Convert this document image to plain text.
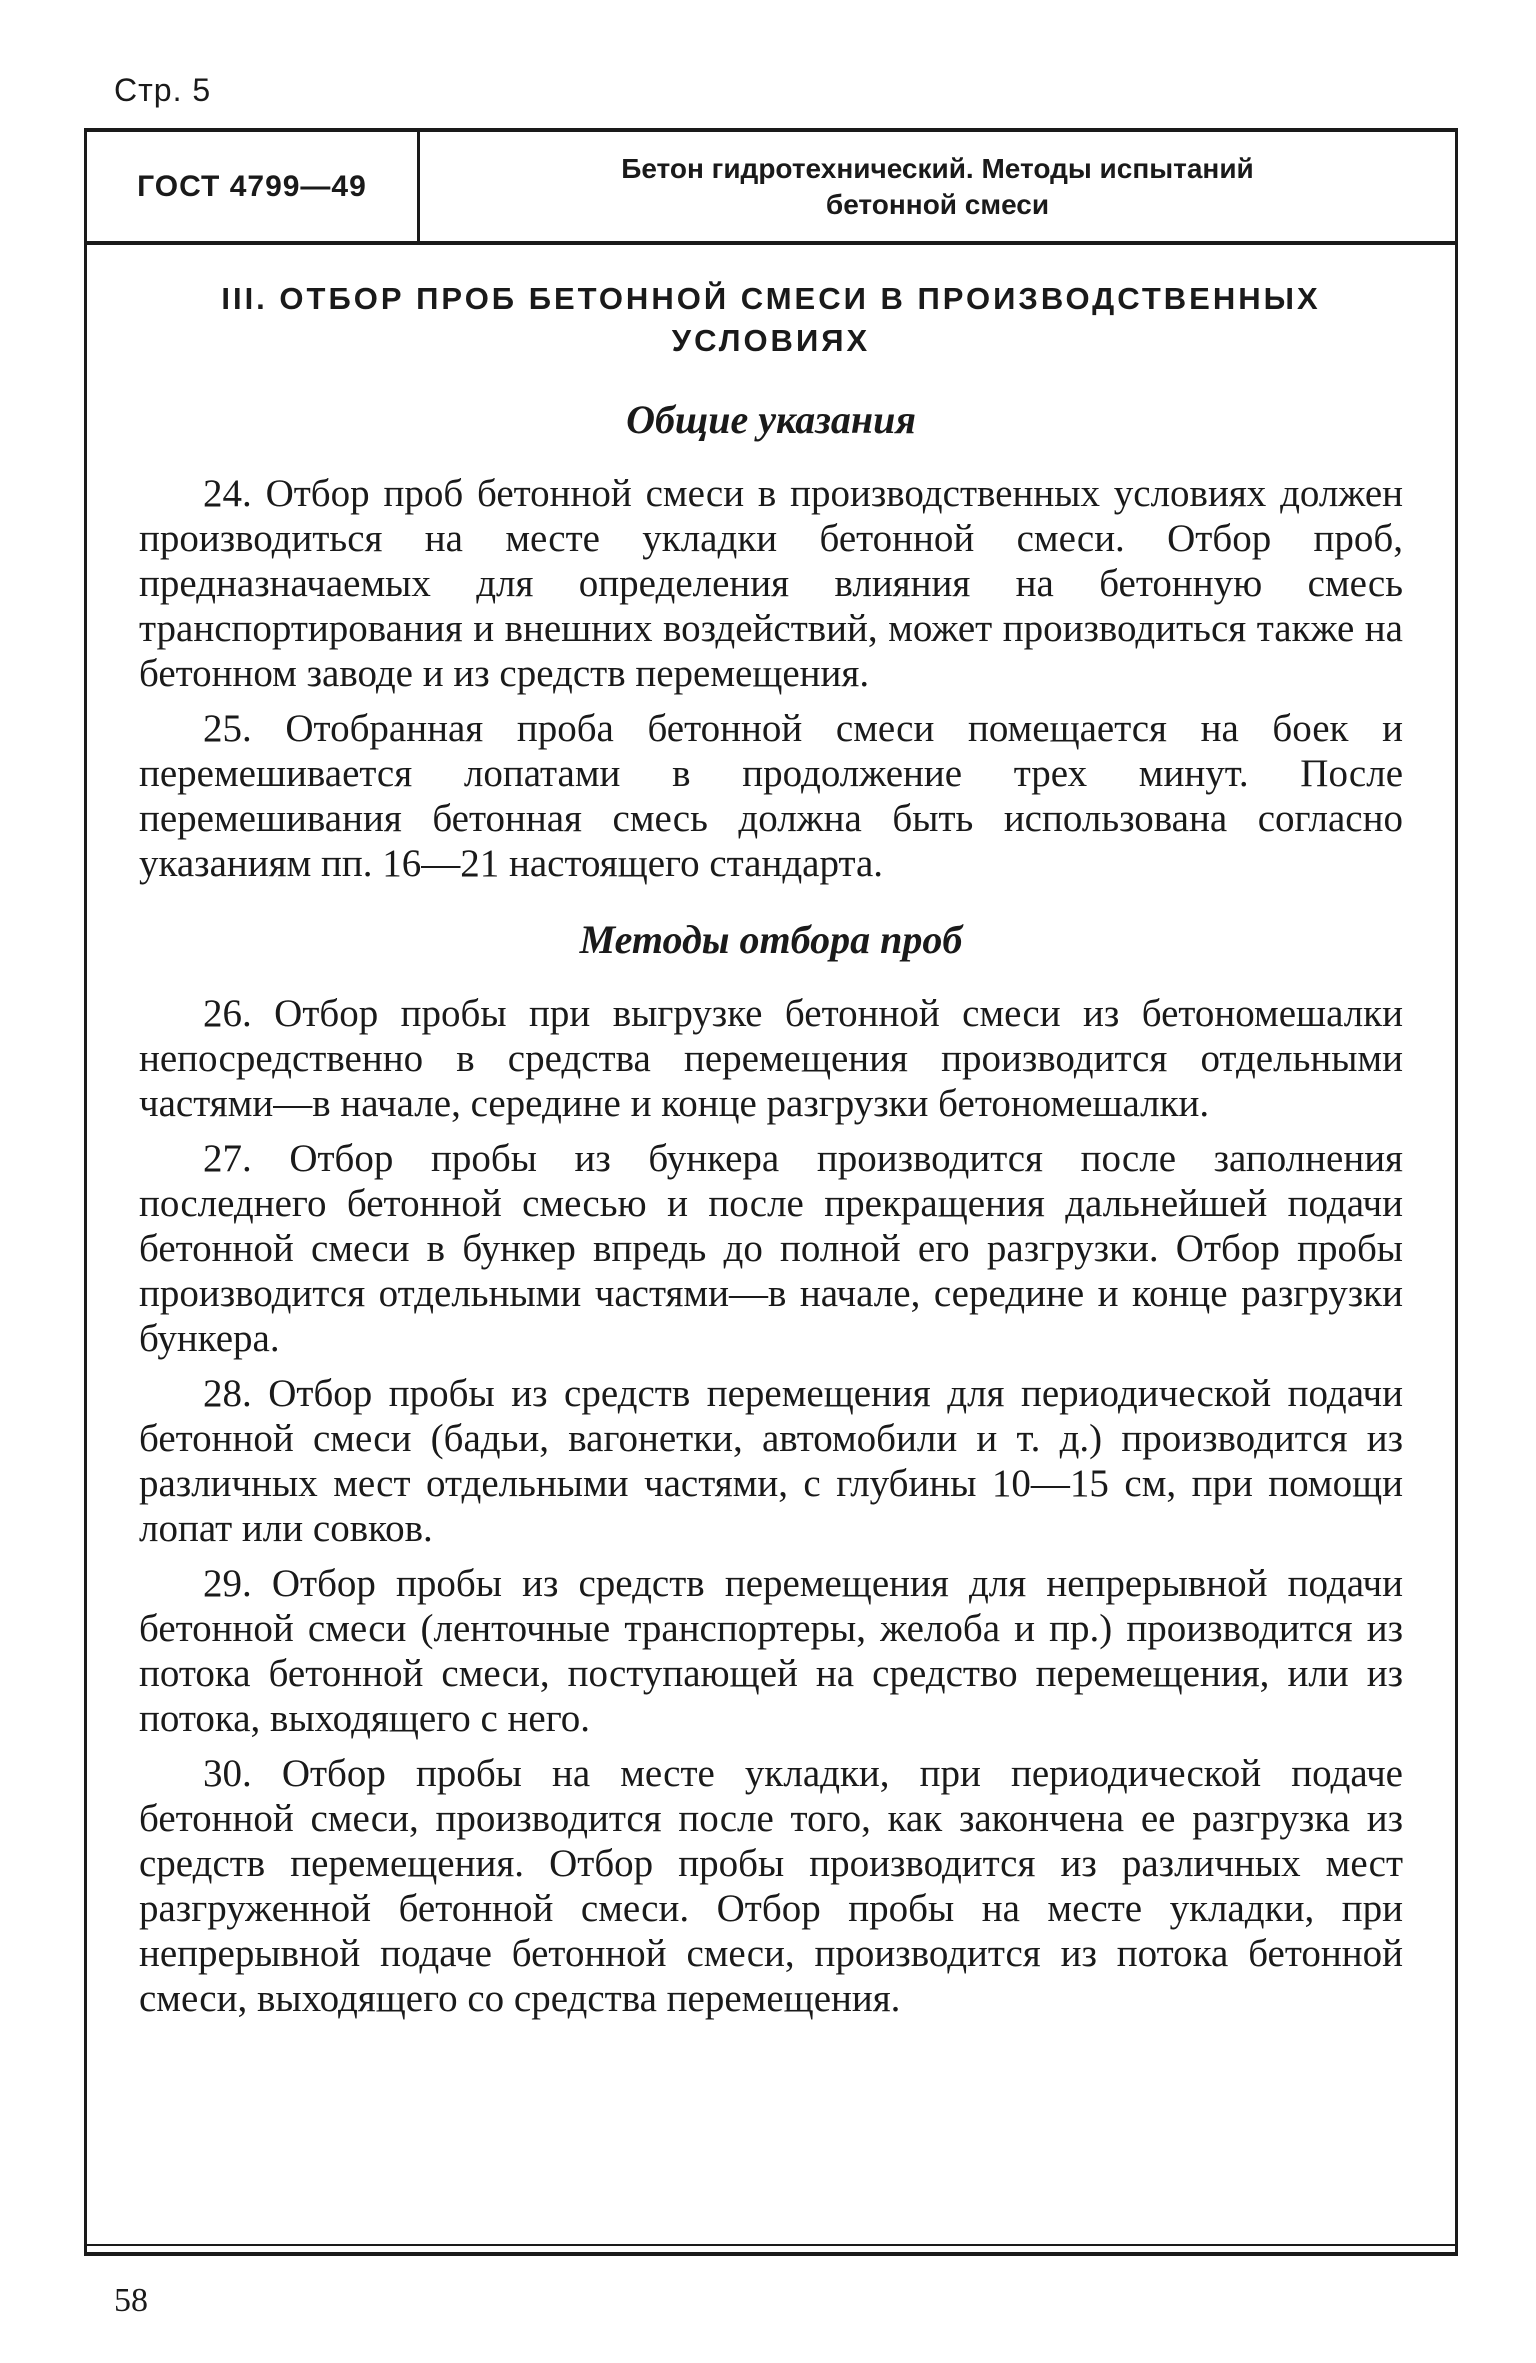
Стр. 5
ГОСТ 4799—49
Бетон гидротехнический. Методы испытаний
бетонной смеси
III. ОТБОР ПРОБ БЕТОННОЙ СМЕСИ В ПРОИЗВОДСТВЕННЫХ
УСЛОВИЯХ
Общие указания

24. Отбор проб бетонной смеси в производственных условиях должен производиться на месте укладки бетонной смеси. Отбор проб, предназначаемых для определения влияния на бетонную смесь транспортирования и внешних воздействий, может производиться также на бетонном заводе и из средств перемещения.

25. Отобранная проба бетонной смеси помещается на боек и перемешивается лопатами в продолжение трех минут. После перемешивания бетонная смесь должна быть использована согласно указаниям пп. 16—21 настоящего стандарта.

Методы отбора проб

26. Отбор пробы при выгрузке бетонной смеси из бетономешалки непосредственно в средства перемещения производится отдельными частями—в начале, середине и конце разгрузки бетономешалки.

27. Отбор пробы из бункера производится после заполнения последнего бетонной смесью и после прекращения дальнейшей подачи бетонной смеси в бункер впредь до полной его разгрузки. Отбор пробы производится отдельными частями—в начале, середине и конце разгрузки бункера.

28. Отбор пробы из средств перемещения для периодической подачи бетонной смеси (бадьи, вагонетки, автомобили и т. д.) производится из различных мест отдельными частями, с глубины 10—15 см, при помощи лопат или совков.

29. Отбор пробы из средств перемещения для непрерывной подачи бетонной смеси (ленточные транспортеры, желоба и пр.) производится из потока бетонной смеси, поступающей на средство перемещения, или из потока, выходящего с него.

30. Отбор пробы на месте укладки, при периодической подаче бетонной смеси, производится после того, как закончена ее разгрузка из средств перемещения. Отбор пробы производится из различных мест разгруженной бетонной смеси. Отбор пробы на месте укладки, при непрерывной подаче бетонной смеси, производится из потока бетонной смеси, выходящего со средства перемещения.

58
